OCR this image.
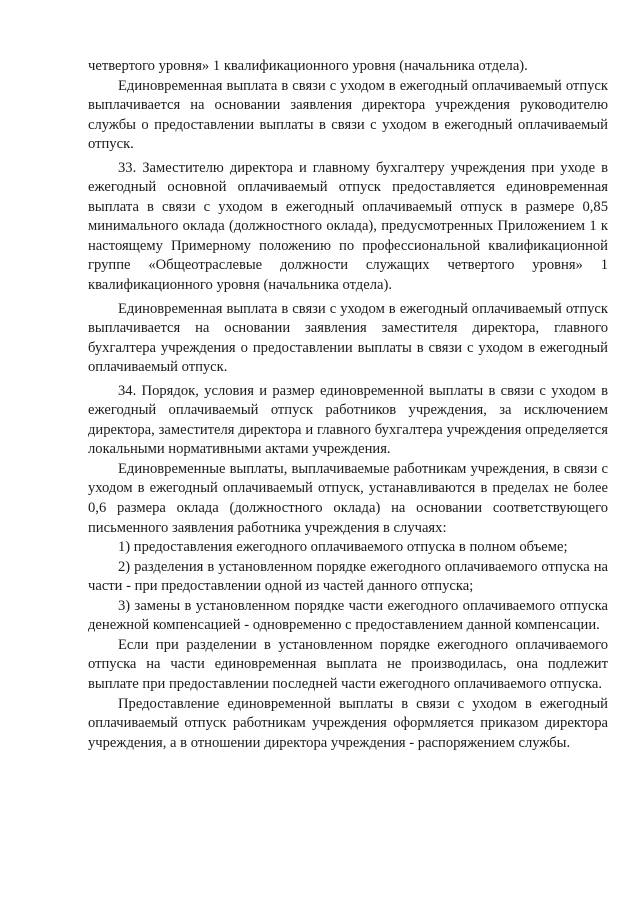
четвертого уровня» 1 квалификационного уровня (начальника отдела).

Единовременная выплата в связи с уходом в ежегодный оплачиваемый отпуск выплачивается на основании заявления директора учреждения руководителю службы о предоставлении выплаты в связи с уходом в ежегодный оплачиваемый отпуск.

33. Заместителю директора и главному бухгалтеру учреждения при уходе в ежегодный основной оплачиваемый отпуск предоставляется единовременная выплата в связи с уходом в ежегодный оплачиваемый отпуск в размере 0,85 минимального оклада (должностного оклада), предусмотренных Приложением 1 к настоящему Примерному положению по профессиональной квалификационной группе «Общеотраслевые должности служащих четвертого уровня» 1 квалификационного уровня (начальника отдела).

Единовременная выплата в связи с уходом в ежегодный оплачиваемый отпуск выплачивается на основании заявления заместителя директора, главного бухгалтера учреждения о предоставлении выплаты в связи с уходом в ежегодный оплачиваемый отпуск.

34. Порядок, условия и размер единовременной выплаты в связи с уходом в ежегодный оплачиваемый отпуск работников учреждения, за исключением директора, заместителя директора и главного бухгалтера учреждения определяется локальными нормативными актами учреждения.

Единовременные выплаты, выплачиваемые работникам учреждения, в связи с уходом в ежегодный оплачиваемый отпуск, устанавливаются в пределах не более 0,6 размера оклада (должностного оклада) на основании соответствующего письменного заявления работника учреждения в случаях:

1) предоставления ежегодного оплачиваемого отпуска в полном объеме;

2) разделения в установленном порядке ежегодного оплачиваемого отпуска на части - при предоставлении одной из частей данного отпуска;

3) замены в установленном порядке части ежегодного оплачиваемого отпуска денежной компенсацией - одновременно с предоставлением данной компенсации.

Если при разделении в установленном порядке ежегодного оплачиваемого отпуска на части единовременная выплата не производилась, она подлежит выплате при предоставлении последней части ежегодного оплачиваемого отпуска.

Предоставление единовременной выплаты в связи с уходом в ежегодный оплачиваемый отпуск работникам учреждения оформляется приказом директора учреждения, а в отношении директора учреждения - распоряжением службы.
